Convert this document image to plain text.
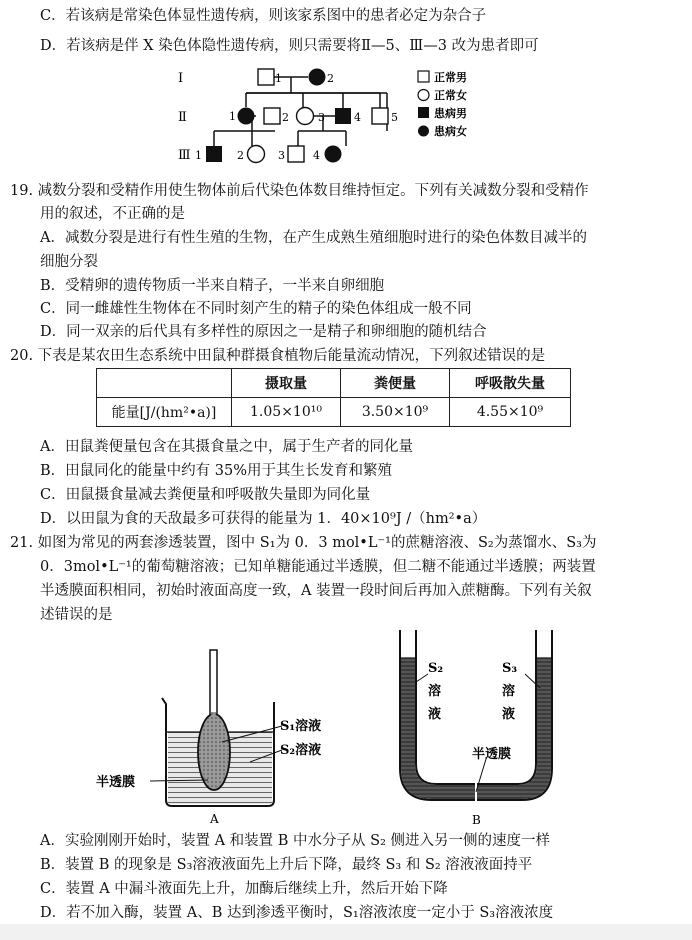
C．若该病是常染色体显性遗传病，则该家系图中的患者必定为杂合子
D．若该病是伴 X 染色体隐性遗传病，则只需要将Ⅱ—5、Ⅲ—3 改为患者即可
Ⅰ
Ⅱ
Ⅲ
1	2
1	2	3	4	5
1	2	3	4
正常男
正常女
患病男
患病女
19. 减数分裂和受精作用使生物体前后代染色体数目维持恒定。下列有关减数分裂和受精作
用的叙述，不正确的是
A．减数分裂是进行有性生殖的生物，在产生成熟生殖细胞时进行的染色体数目减半的
细胞分裂
B．受精卵的遗传物质一半来自精子，一半来自卵细胞
C．同一雌雄性生物体在不同时刻产生的精子的染色体组成一般不同
D．同一双亲的后代具有多样性的原因之一是精子和卵细胞的随机结合
20. 下表是某农田生态系统中田鼠种群摄食植物后能量流动情况，下列叙述错误的是
	摄取量	粪便量	呼吸散失量
能量[J/(hm²•a)]	1.05×10¹⁰	3.50×10⁹	4.55×10⁹
A．田鼠粪便量包含在其摄食量之中，属于生产者的同化量
B．田鼠同化的能量中约有 35%用于其生长发育和繁殖
C．田鼠摄食量减去粪便量和呼吸散失量即为同化量
D．以田鼠为食的天敌最多可获得的能量为 1．40×10⁹J /（hm²•a）
21. 如图为常见的两套渗透装置，图中 S₁为 0．3 mol•L⁻¹的蔗糖溶液、S₂为蒸馏水、S₃为
0．3mol•L⁻¹的葡萄糖溶液；已知单糖能通过半透膜，但二糖不能通过半透膜；两装置
半透膜面积相同，初始时液面高度一致，A 装置一段时间后再加入蔗糖酶。下列有关叙
述错误的是
S₁溶液
S₂溶液
半透膜
A
S₂
溶
液
S₃
溶
液
半透膜
B
A．实验刚刚开始时，装置 A 和装置 B 中水分子从 S₂ 侧进入另一侧的速度一样
B．装置 B 的现象是 S₃溶液液面先上升后下降，最终 S₃ 和 S₂ 溶液液面持平
C．装置 A 中漏斗液面先上升，加酶后继续上升，然后开始下降
D．若不加入酶，装置 A、B 达到渗透平衡时，S₁溶液浓度一定小于 S₃溶液浓度
